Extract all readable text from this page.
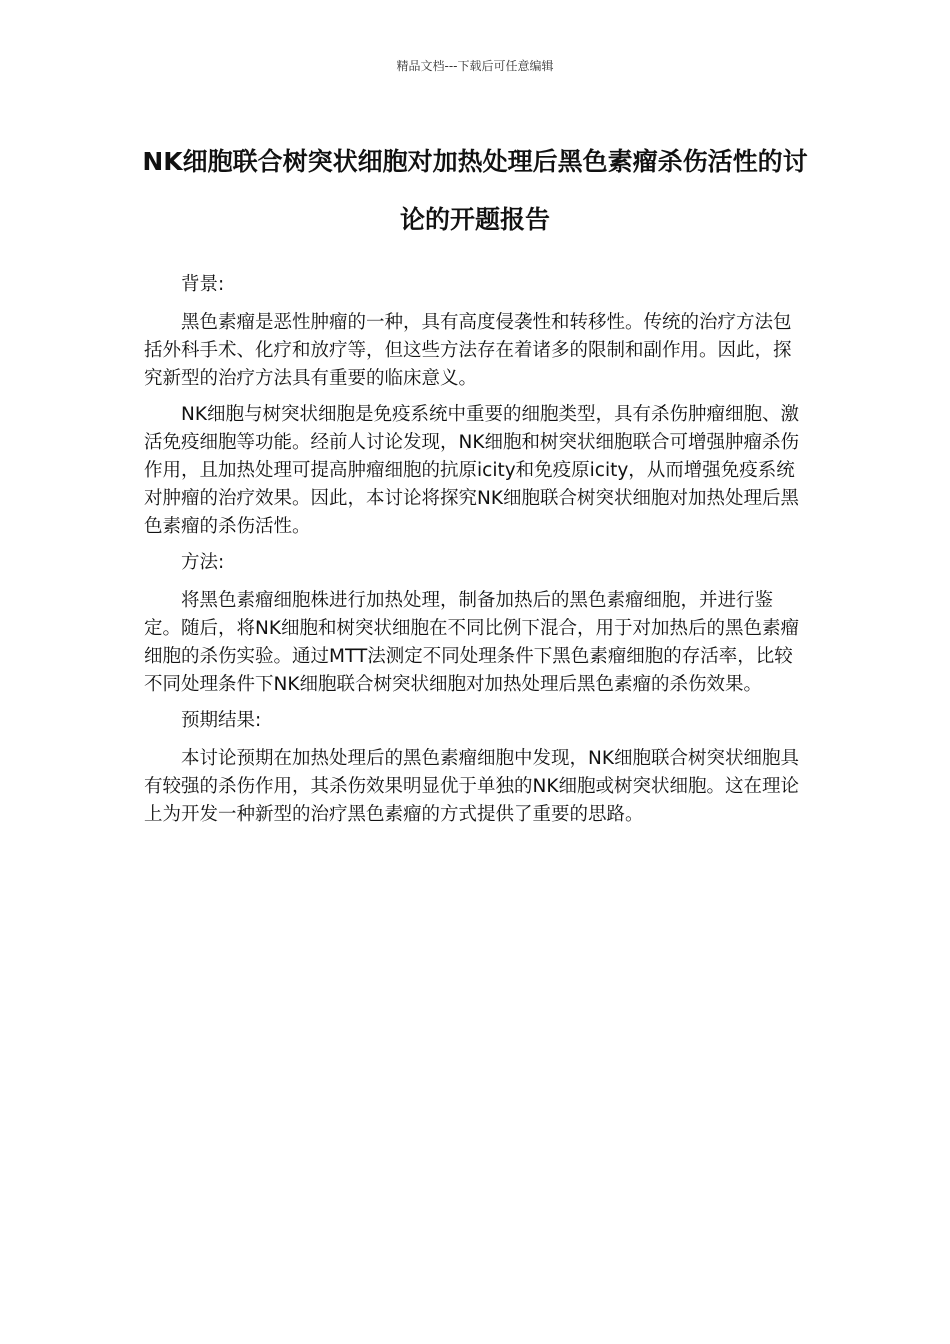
精品文档---下载后可任意编辑
NK细胞联合树突状细胞对加热处理后黑色素瘤杀伤活性的讨论的开题报告

背景:

黑色素瘤是恶性肿瘤的一种，具有高度侵袭性和转移性。传统的治疗方法包括外科手术、化疗和放疗等，但这些方法存在着诸多的限制和副作用。因此，探究新型的治疗方法具有重要的临床意义。

NK细胞与树突状细胞是免疫系统中重要的细胞类型，具有杀伤肿瘤细胞、激活免疫细胞等功能。经前人讨论发现，NK细胞和树突状细胞联合可增强肿瘤杀伤作用，且加热处理可提高肿瘤细胞的抗原icity和免疫原icity，从而增强免疫系统对肿瘤的治疗效果。因此，本讨论将探究NK细胞联合树突状细胞对加热处理后黑色素瘤的杀伤活性。

方法:

将黑色素瘤细胞株进行加热处理，制备加热后的黑色素瘤细胞，并进行鉴定。随后，将NK细胞和树突状细胞在不同比例下混合，用于对加热后的黑色素瘤细胞的杀伤实验。通过MTT法测定不同处理条件下黑色素瘤细胞的存活率，比较不同处理条件下NK细胞联合树突状细胞对加热处理后黑色素瘤的杀伤效果。

预期结果:

本讨论预期在加热处理后的黑色素瘤细胞中发现，NK细胞联合树突状细胞具有较强的杀伤作用，其杀伤效果明显优于单独的NK细胞或树突状细胞。这在理论上为开发一种新型的治疗黑色素瘤的方式提供了重要的思路。
